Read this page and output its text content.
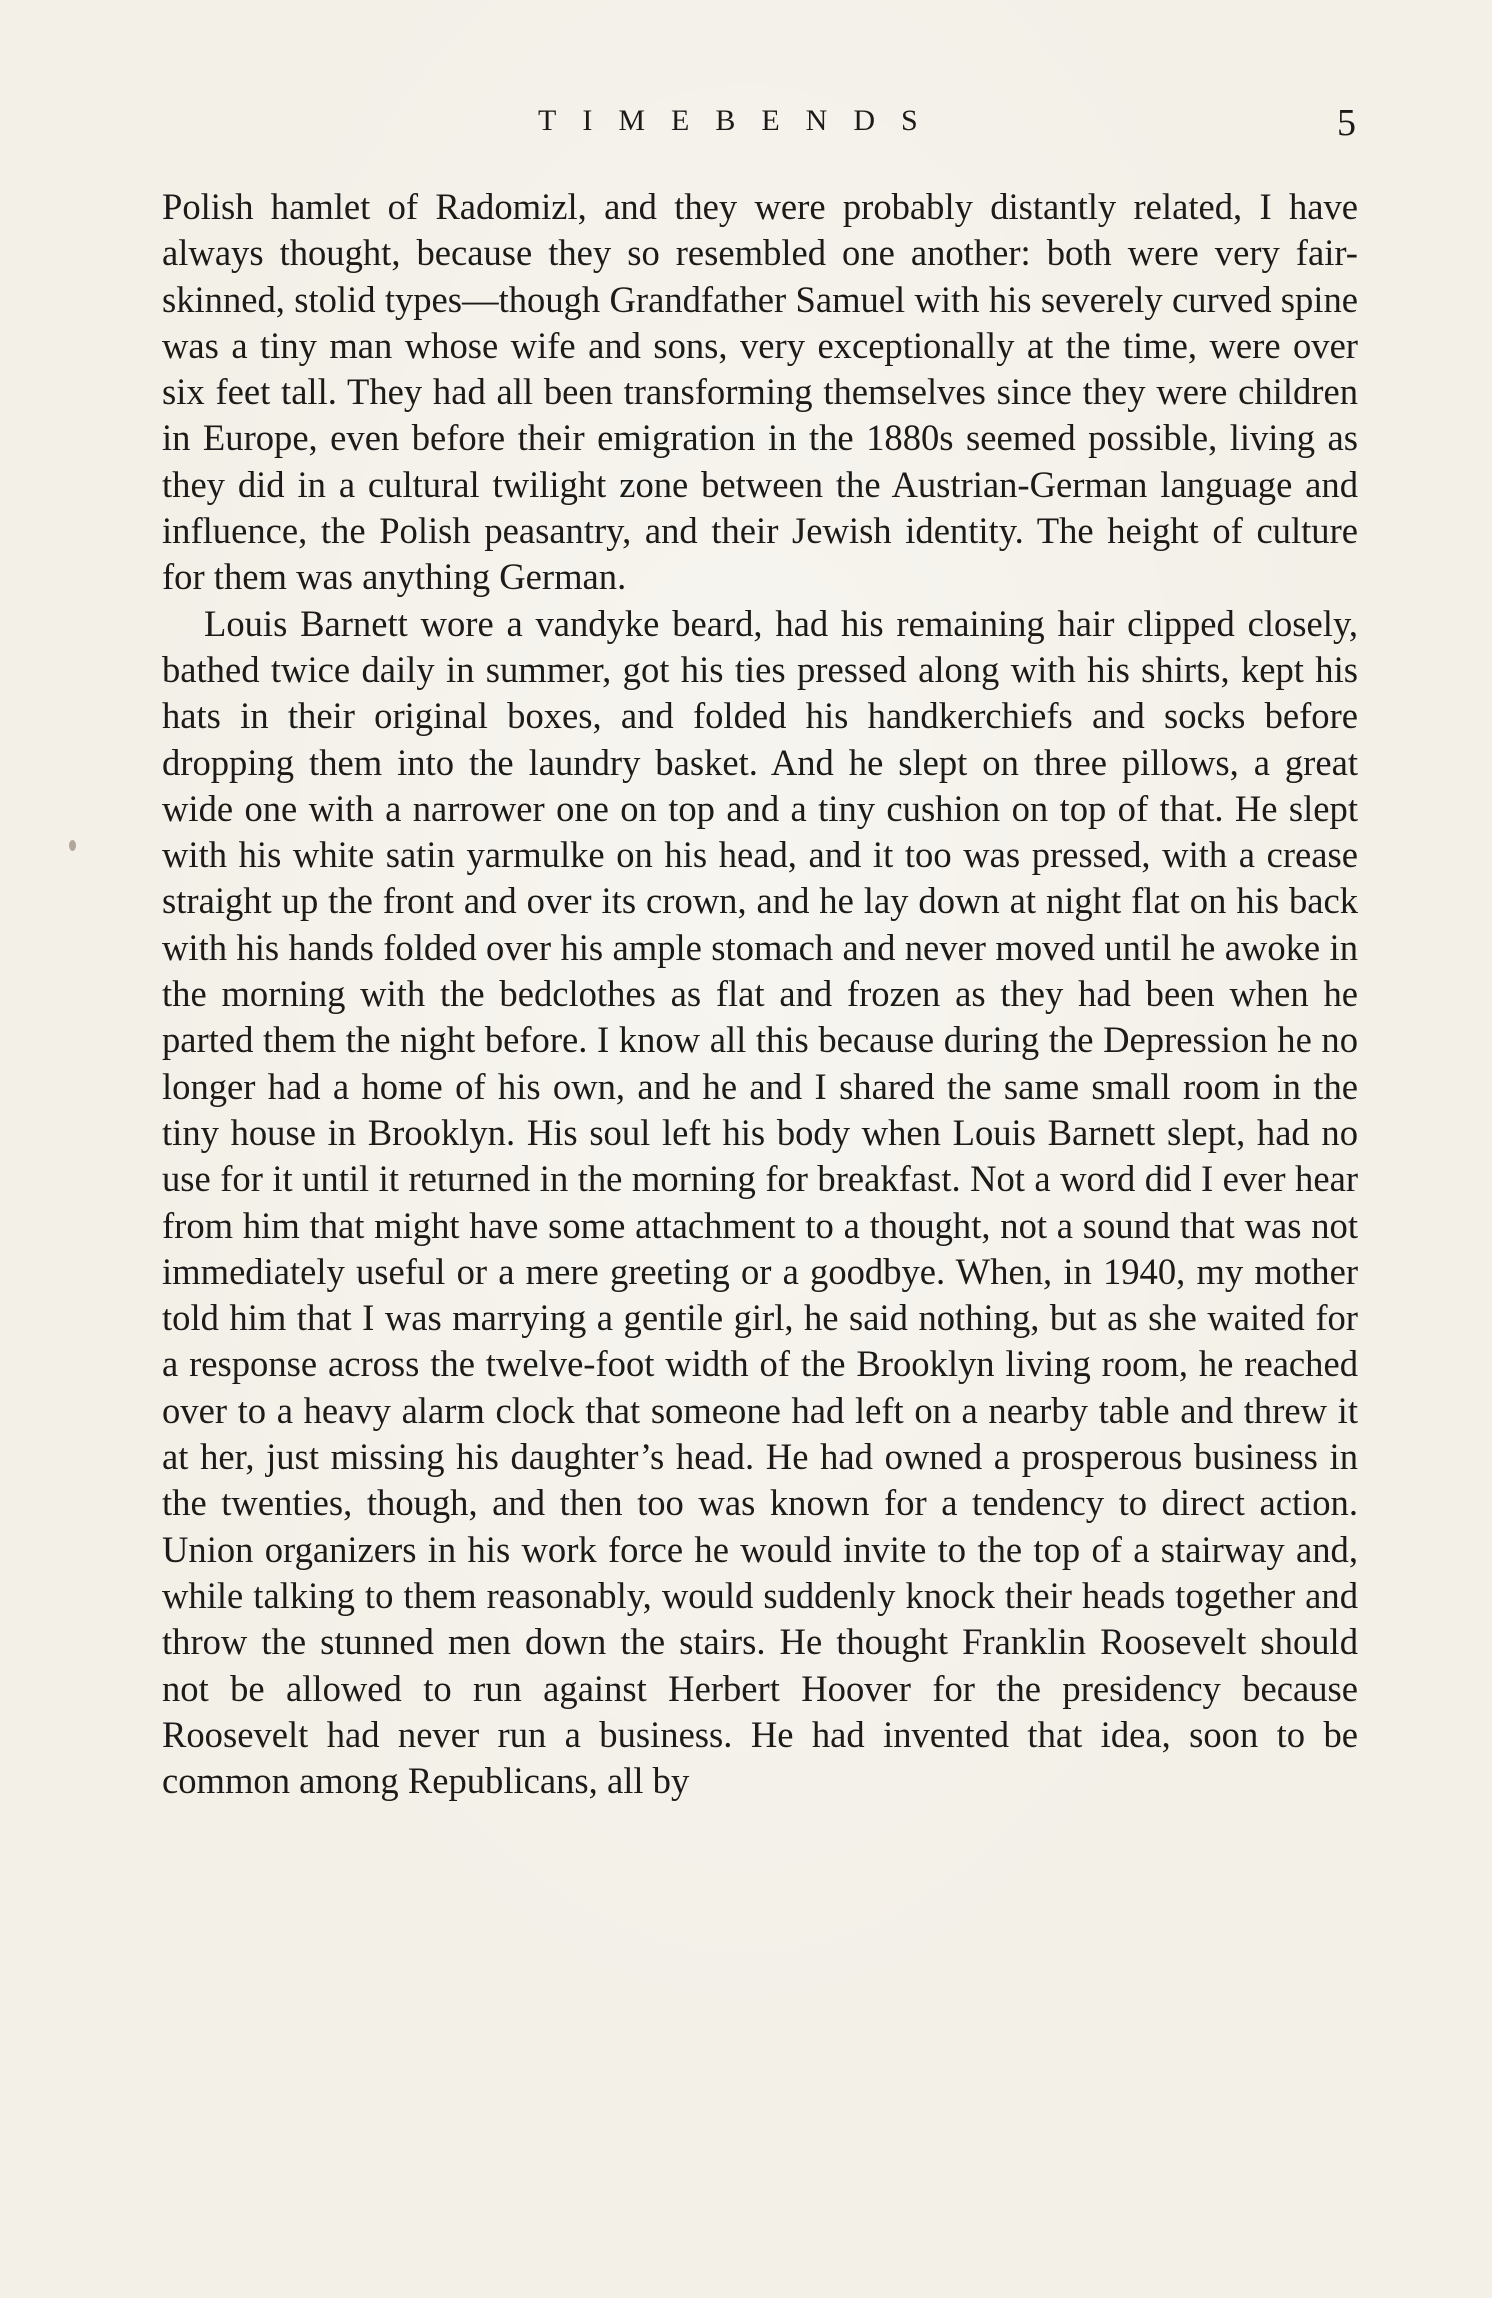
TIMEBENDS	5

Polish hamlet of Radomizl, and they were probably distantly related, I have always thought, because they so resembled one another: both were very fair-skinned, stolid types—though Grandfather Samuel with his severely curved spine was a tiny man whose wife and sons, very exceptionally at the time, were over six feet tall. They had all been transforming themselves since they were children in Europe, even before their emigration in the 1880s seemed possible, living as they did in a cultural twilight zone between the Austrian-German language and influence, the Polish peasantry, and their Jewish identity. The height of culture for them was anything German.

Louis Barnett wore a vandyke beard, had his remaining hair clipped closely, bathed twice daily in summer, got his ties pressed along with his shirts, kept his hats in their original boxes, and folded his handkerchiefs and socks before dropping them into the laundry basket. And he slept on three pillows, a great wide one with a narrower one on top and a tiny cushion on top of that. He slept with his white satin yarmulke on his head, and it too was pressed, with a crease straight up the front and over its crown, and he lay down at night flat on his back with his hands folded over his ample stomach and never moved until he awoke in the morning with the bedclothes as flat and frozen as they had been when he parted them the night before. I know all this because during the Depression he no longer had a home of his own, and he and I shared the same small room in the tiny house in Brooklyn. His soul left his body when Louis Barnett slept, had no use for it until it returned in the morning for breakfast. Not a word did I ever hear from him that might have some attachment to a thought, not a sound that was not immediately useful or a mere greeting or a goodbye. When, in 1940, my mother told him that I was marrying a gentile girl, he said nothing, but as she waited for a response across the twelve-foot width of the Brooklyn living room, he reached over to a heavy alarm clock that someone had left on a nearby table and threw it at her, just missing his daughter’s head. He had owned a prosperous business in the twenties, though, and then too was known for a tendency to direct action. Union organizers in his work force he would invite to the top of a stairway and, while talking to them reasonably, would suddenly knock their heads together and throw the stunned men down the stairs. He thought Franklin Roosevelt should not be allowed to run against Herbert Hoover for the presidency because Roosevelt had never run a business. He had invented that idea, soon to be common among Republicans, all by
